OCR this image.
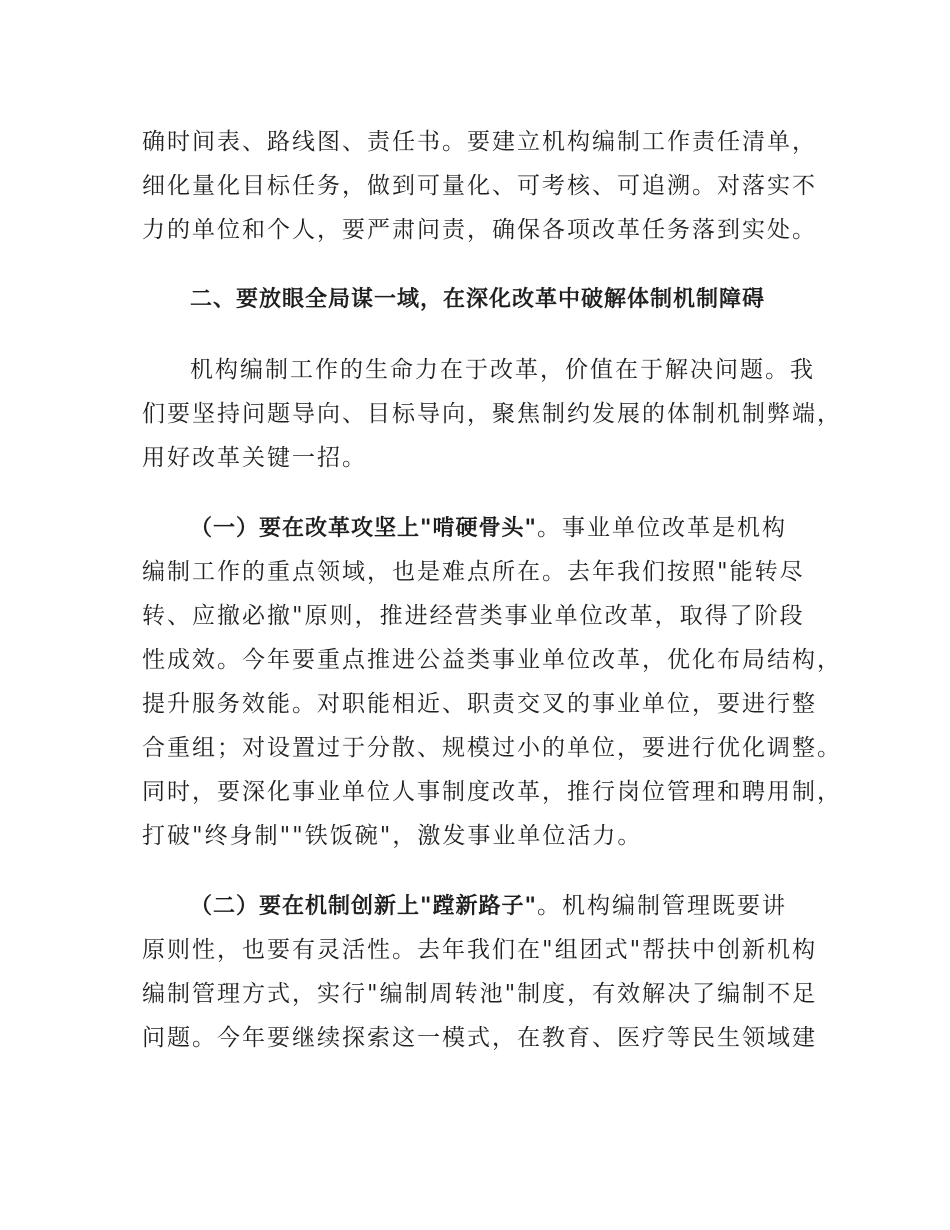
确时间表、路线图、责任书。要建立机构编制工作责任清单，
细化量化目标任务，做到可量化、可考核、可追溯。对落实不
力的单位和个人，要严肃问责，确保各项改革任务落到实处。
二、要放眼全局谋一域，在深化改革中破解体制机制障碍
机构编制工作的生命力在于改革，价值在于解决问题。我
们要坚持问题导向、目标导向，聚焦制约发展的体制机制弊端，
用好改革关键一招。
（一）要在改革攻坚上"啃硬骨头"。事业单位改革是机构
编制工作的重点领域，也是难点所在。去年我们按照"能转尽
转、应撤必撤"原则，推进经营类事业单位改革，取得了阶段
性成效。今年要重点推进公益类事业单位改革，优化布局结构，
提升服务效能。对职能相近、职责交叉的事业单位，要进行整
合重组；对设置过于分散、规模过小的单位，要进行优化调整。
同时，要深化事业单位人事制度改革，推行岗位管理和聘用制，
打破"终身制""铁饭碗"，激发事业单位活力。
（二）要在机制创新上"蹚新路子"。机构编制管理既要讲
原则性，也要有灵活性。去年我们在"组团式"帮扶中创新机构
编制管理方式，实行"编制周转池"制度，有效解决了编制不足
问题。今年要继续探索这一模式，在教育、医疗等民生领域建
